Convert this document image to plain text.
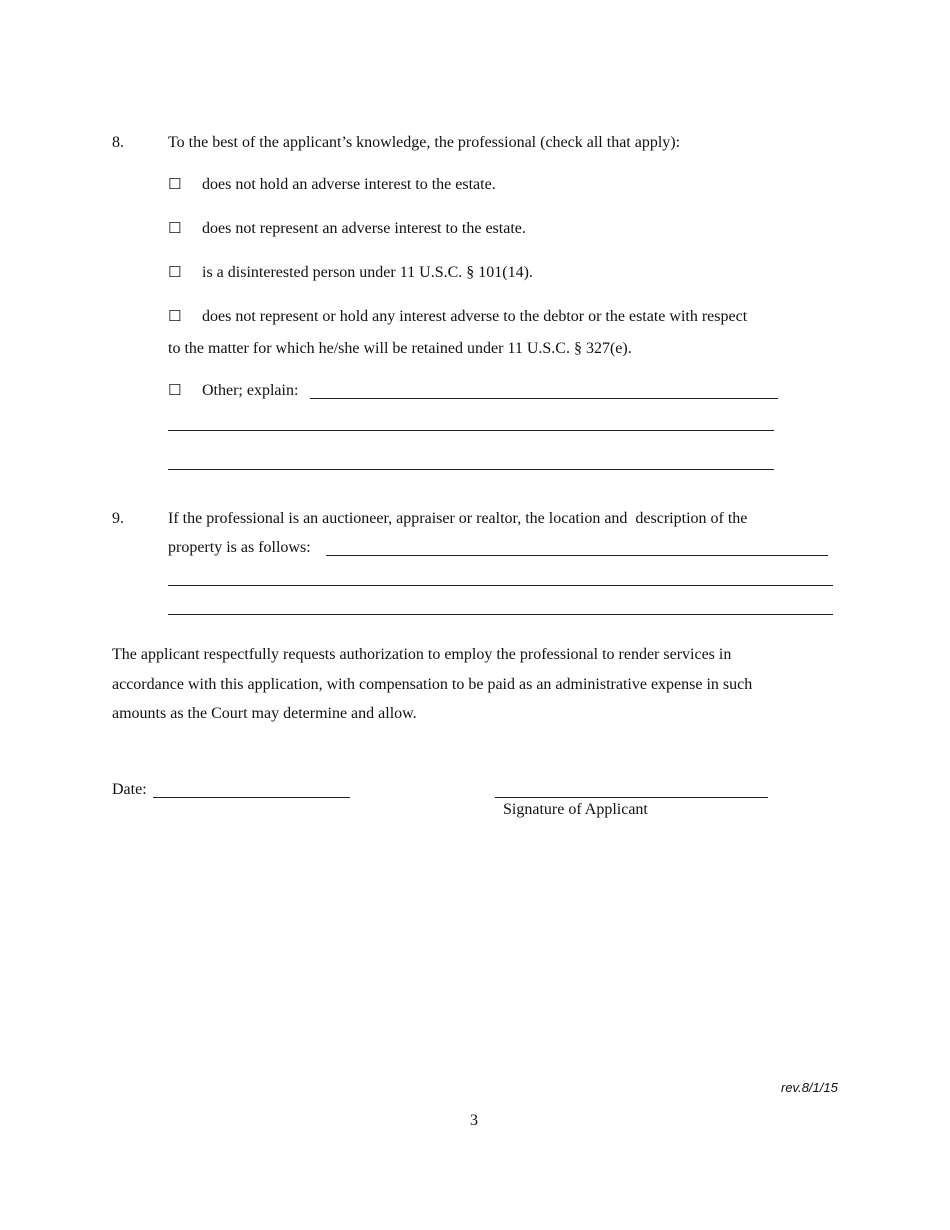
8.	To the best of the applicant’s knowledge, the professional (check all that apply):
☐ does not hold an adverse interest to the estate.
☐ does not represent an adverse interest to the estate.
☐ is a disinterested person under 11 U.S.C. § 101(14).
☐ does not represent or hold any interest adverse to the debtor or the estate with respect
to the matter for which he/she will be retained under 11 U.S.C. § 327(e).
☐ Other; explain:
9.	If the professional is an auctioneer, appraiser or realtor, the location and  description of the
property is as follows:
The applicant respectfully requests authorization to employ the professional to render services in
accordance with this application, with compensation to be paid as an administrative expense in such
amounts as the Court may determine and allow.
Date:
Signature of Applicant
rev.8/1/15
3
